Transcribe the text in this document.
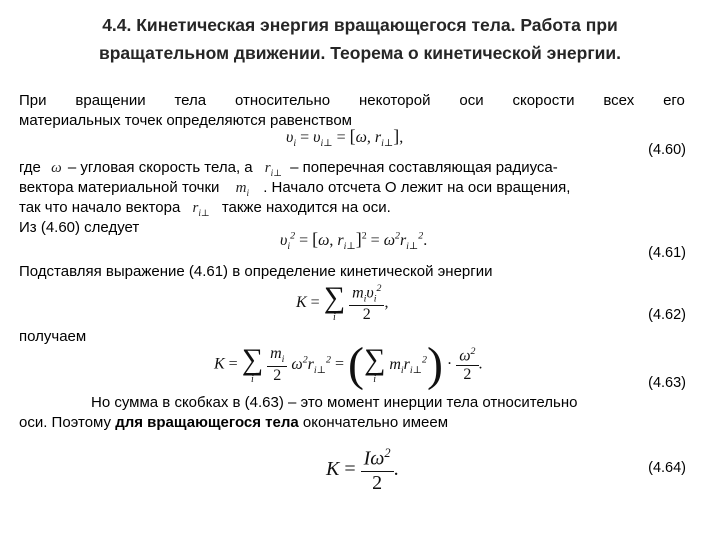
4.4. Кинетическая энергия вращающегося тела. Работа при
вращательном движении. Теорема о кинетической энергии.
При вращении тела относительно некоторой оси скорости всех его
материальных точек определяются равенством
$\upsilon_i = \upsilon_{i\perp} = [\omega$, $r_{i\perp}$],
(4.60)
где ω – угловая скорость тела, а $r_{i\perp}$ – поперечная составляющая радиуса-
вектора материальной точки $m_i$ . Начало отсчета О лежит на оси вращения,
так что начало вектора $r_{i\perp}$ также находится на оси.
Из (4.60) следует
$\upsilon_i^2 = [\omega$, $r_{i\perp}]^2 = \omega^2r_{i\perp}^2$.
(4.61)
Подставляя выражение (4.61) в определение кинетической энергии
K = ∑
i
$\frac{m_i\upsilon_i^2}{2}$ ,
(4.62)
получаем
K = ∑
i
$\frac{m_i}{2} \omega^2r_{i\perp}^2$ = ( ∑
i
$m_ir_{i\perp}^2) \cdot \frac{\omega^2}{2}$ .
(4.63)
Но сумма в скобках в (4.63) – это момент инерции тела относительно
оси. Поэтому для вращающегося тела окончательно имеем
$K = \frac{I\omega^2}{2}$ .	(4.64)
